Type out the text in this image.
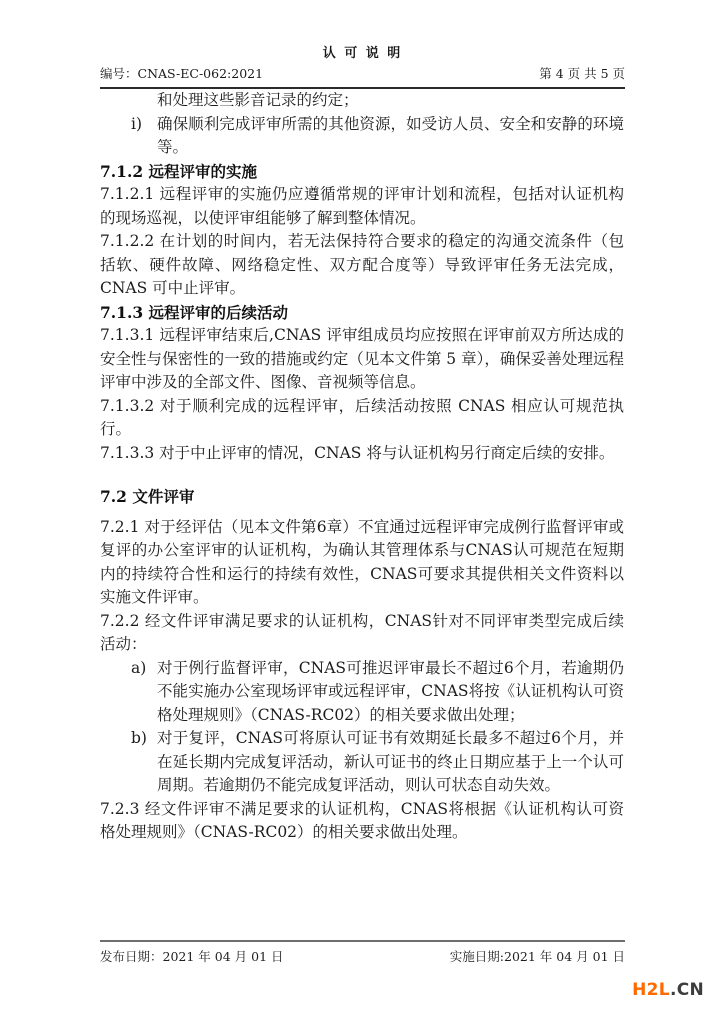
认 可 说 明
编号：CNAS-EC-062:2021	第 4 页 共 5 页
和处理这些影音记录的约定；
i) 确保顺利完成评审所需的其他资源，如受访人员、安全和安静的环境等。
7.1.2 远程评审的实施
7.1.2.1 远程评审的实施仍应遵循常规的评审计划和流程，包括对认证机构的现场巡视，以使评审组能够了解到整体情况。
7.1.2.2 在计划的时间内，若无法保持符合要求的稳定的沟通交流条件（包括软、硬件故障、网络稳定性、双方配合度等）导致评审任务无法完成，CNAS 可中止评审。
7.1.3 远程评审的后续活动
7.1.3.1 远程评审结束后,CNAS 评审组成员均应按照在评审前双方所达成的安全性与保密性的一致的措施或约定（见本文件第 5 章），确保妥善处理远程评审中涉及的全部文件、图像、音视频等信息。
7.1.3.2 对于顺利完成的远程评审，后续活动按照 CNAS 相应认可规范执行。
7.1.3.3 对于中止评审的情况，CNAS 将与认证机构另行商定后续的安排。
7.2 文件评审
7.2.1 对于经评估（见本文件第6章）不宜通过远程评审完成例行监督评审或复评的办公室评审的认证机构，为确认其管理体系与CNAS认可规范在短期内的持续符合性和运行的持续有效性，CNAS可要求其提供相关文件资料以实施文件评审。
7.2.2 经文件评审满足要求的认证机构，CNAS针对不同评审类型完成后续活动：
a) 对于例行监督评审，CNAS可推迟评审最长不超过6个月，若逾期仍不能实施办公室现场评审或远程评审，CNAS将按《认证机构认可资格处理规则》（CNAS-RC02）的相关要求做出处理；
b) 对于复评，CNAS可将原认可证书有效期延长最多不超过6个月，并在延长期内完成复评活动，新认可证书的终止日期应基于上一个认可周期。若逾期仍不能完成复评活动，则认可状态自动失效。
7.2.3 经文件评审不满足要求的认证机构，CNAS将根据《认证机构认可资格处理规则》（CNAS-RC02）的相关要求做出处理。
发布日期：2021 年 04 月 01 日	实施日期:2021 年 04 月 01 日
H2L.CN
